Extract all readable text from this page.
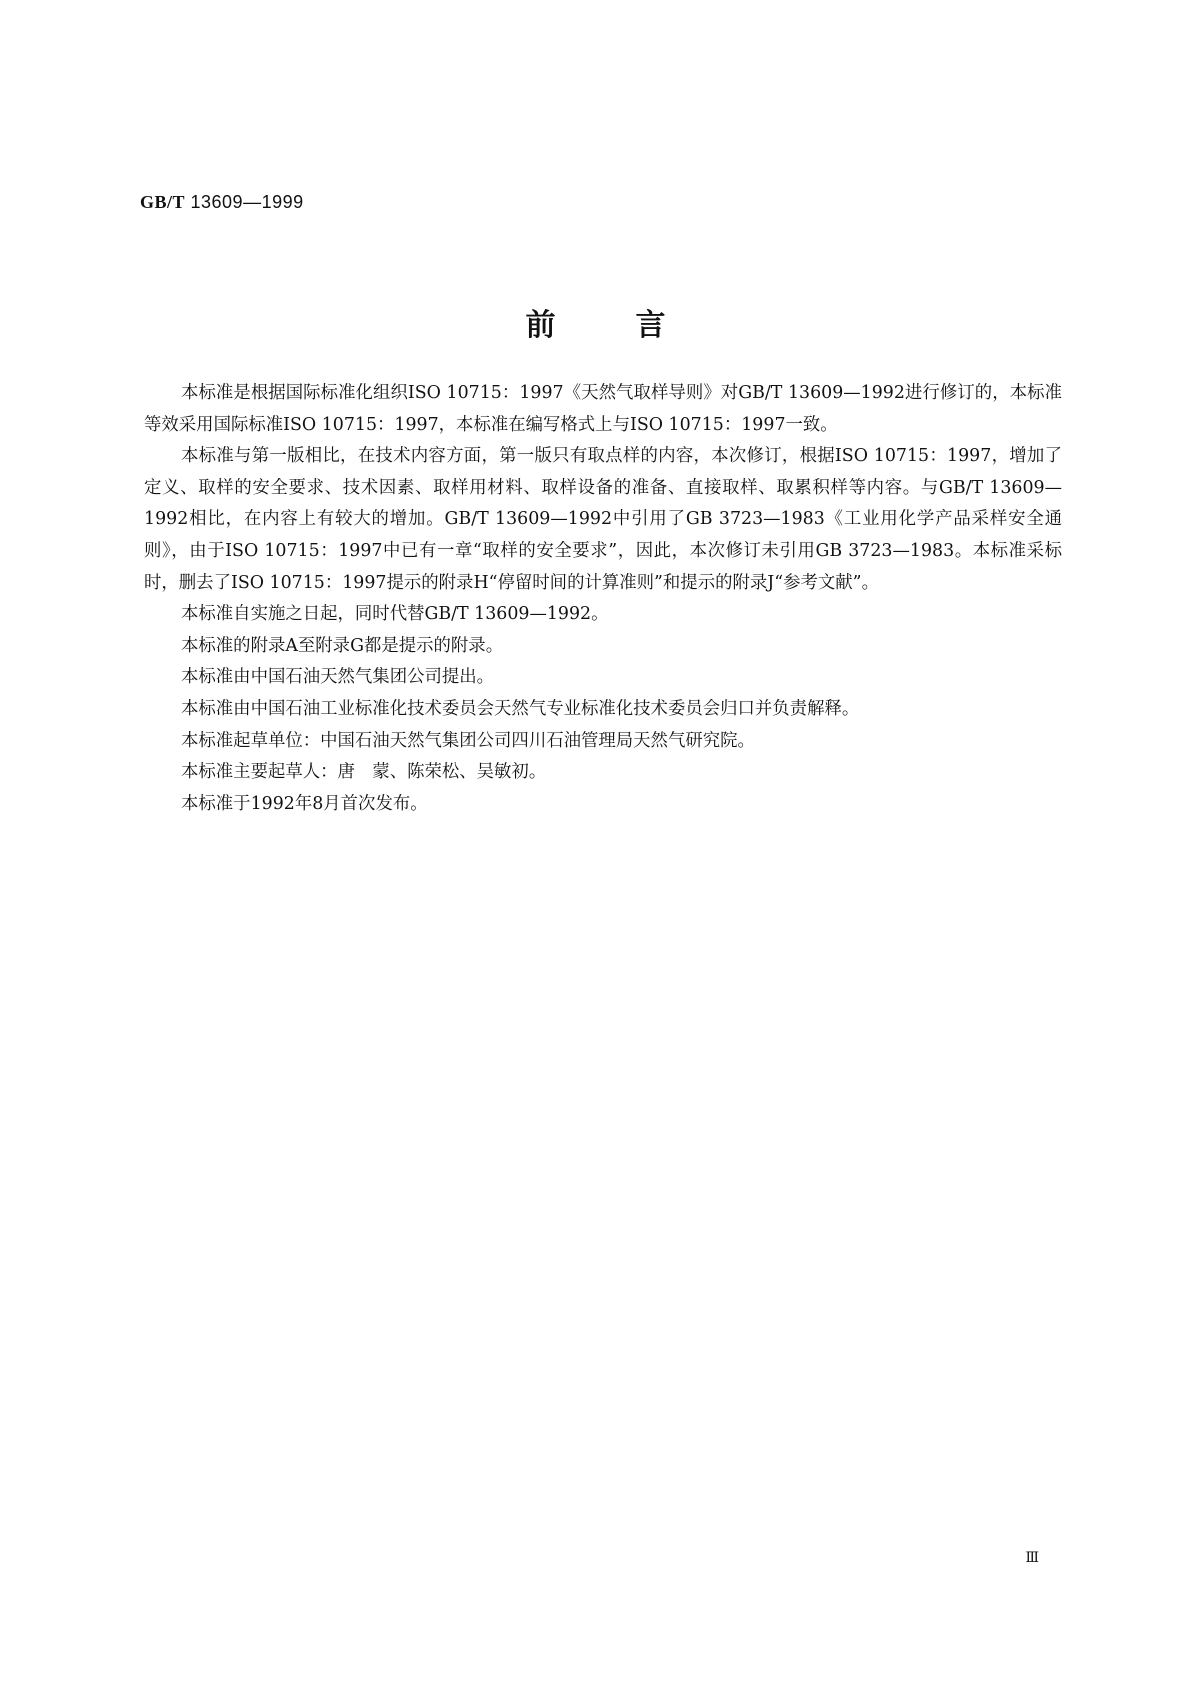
GB/T 13609—1999
前言

本标准是根据国际标准化组织ISO 10715：1997《天然气取样导则》对GB/T 13609—1992进行修订的，本标准等效采用国际标准ISO 10715：1997，本标准在编写格式上与ISO 10715：1997一致。

本标准与第一版相比，在技术内容方面，第一版只有取点样的内容，本次修订，根据ISO 10715：1997，增加了定义、取样的安全要求、技术因素、取样用材料、取样设备的准备、直接取样、取累积样等内容。与GB/T 13609—1992相比，在内容上有较大的增加。GB/T 13609—1992中引用了GB 3723—1983《工业用化学产品采样安全通则》，由于ISO 10715：1997中已有一章“取样的安全要求”，因此，本次修订未引用GB 3723—1983。本标准采标时，删去了ISO 10715：1997提示的附录H“停留时间的计算准则”和提示的附录J“参考文献”。

本标准自实施之日起，同时代替GB/T 13609—1992。

本标准的附录A至附录G都是提示的附录。

本标准由中国石油天然气集团公司提出。

本标准由中国石油工业标准化技术委员会天然气专业标准化技术委员会归口并负责解释。

本标准起草单位：中国石油天然气集团公司四川石油管理局天然气研究院。

本标准主要起草人：唐　蒙、陈荣松、吴敏初。

本标准于1992年8月首次发布。

Ⅲ
